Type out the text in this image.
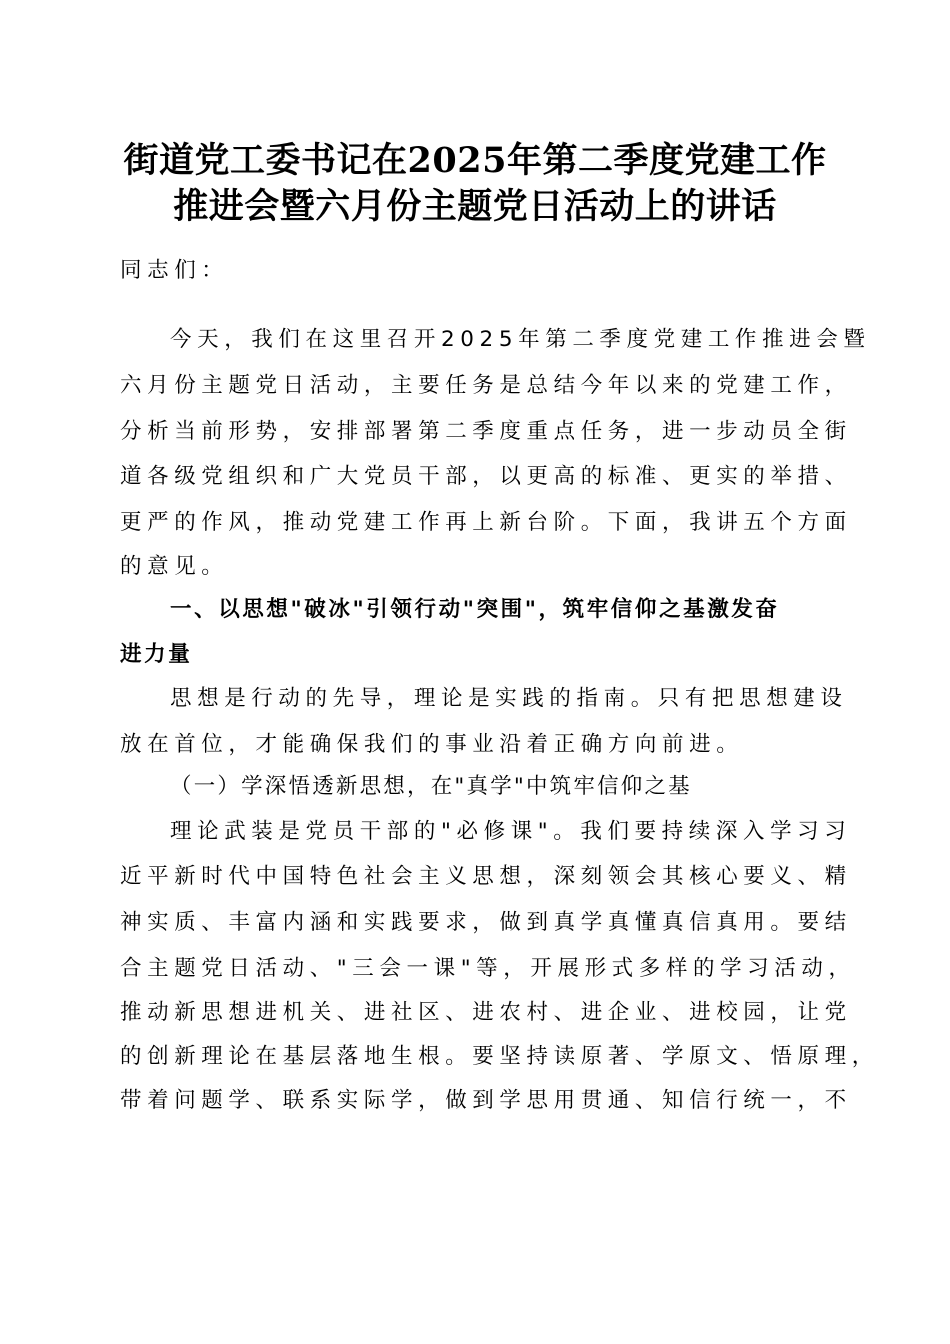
街道党工委书记在2025年第二季度党建工作
推进会暨六月份主题党日活动上的讲话
同志们：
今天，我们在这里召开2025年第二季度党建工作推进会暨
六月份主题党日活动，主要任务是总结今年以来的党建工作，
分析当前形势，安排部署第二季度重点任务，进一步动员全街
道各级党组织和广大党员干部，以更高的标准、更实的举措、
更严的作风，推动党建工作再上新台阶。下面，我讲五个方面
的意见。
一、以思想"破冰"引领行动"突围"，筑牢信仰之基激发奋
进力量
思想是行动的先导，理论是实践的指南。只有把思想建设
放在首位，才能确保我们的事业沿着正确方向前进。
（一）学深悟透新思想，在"真学"中筑牢信仰之基
理论武装是党员干部的"必修课"。我们要持续深入学习习
近平新时代中国特色社会主义思想，深刻领会其核心要义、精
神实质、丰富内涵和实践要求，做到真学真懂真信真用。要结
合主题党日活动、"三会一课"等，开展形式多样的学习活动，
推动新思想进机关、进社区、进农村、进企业、进校园，让党
的创新理论在基层落地生根。要坚持读原著、学原文、悟原理，
带着问题学、联系实际学，做到学思用贯通、知信行统一，不
